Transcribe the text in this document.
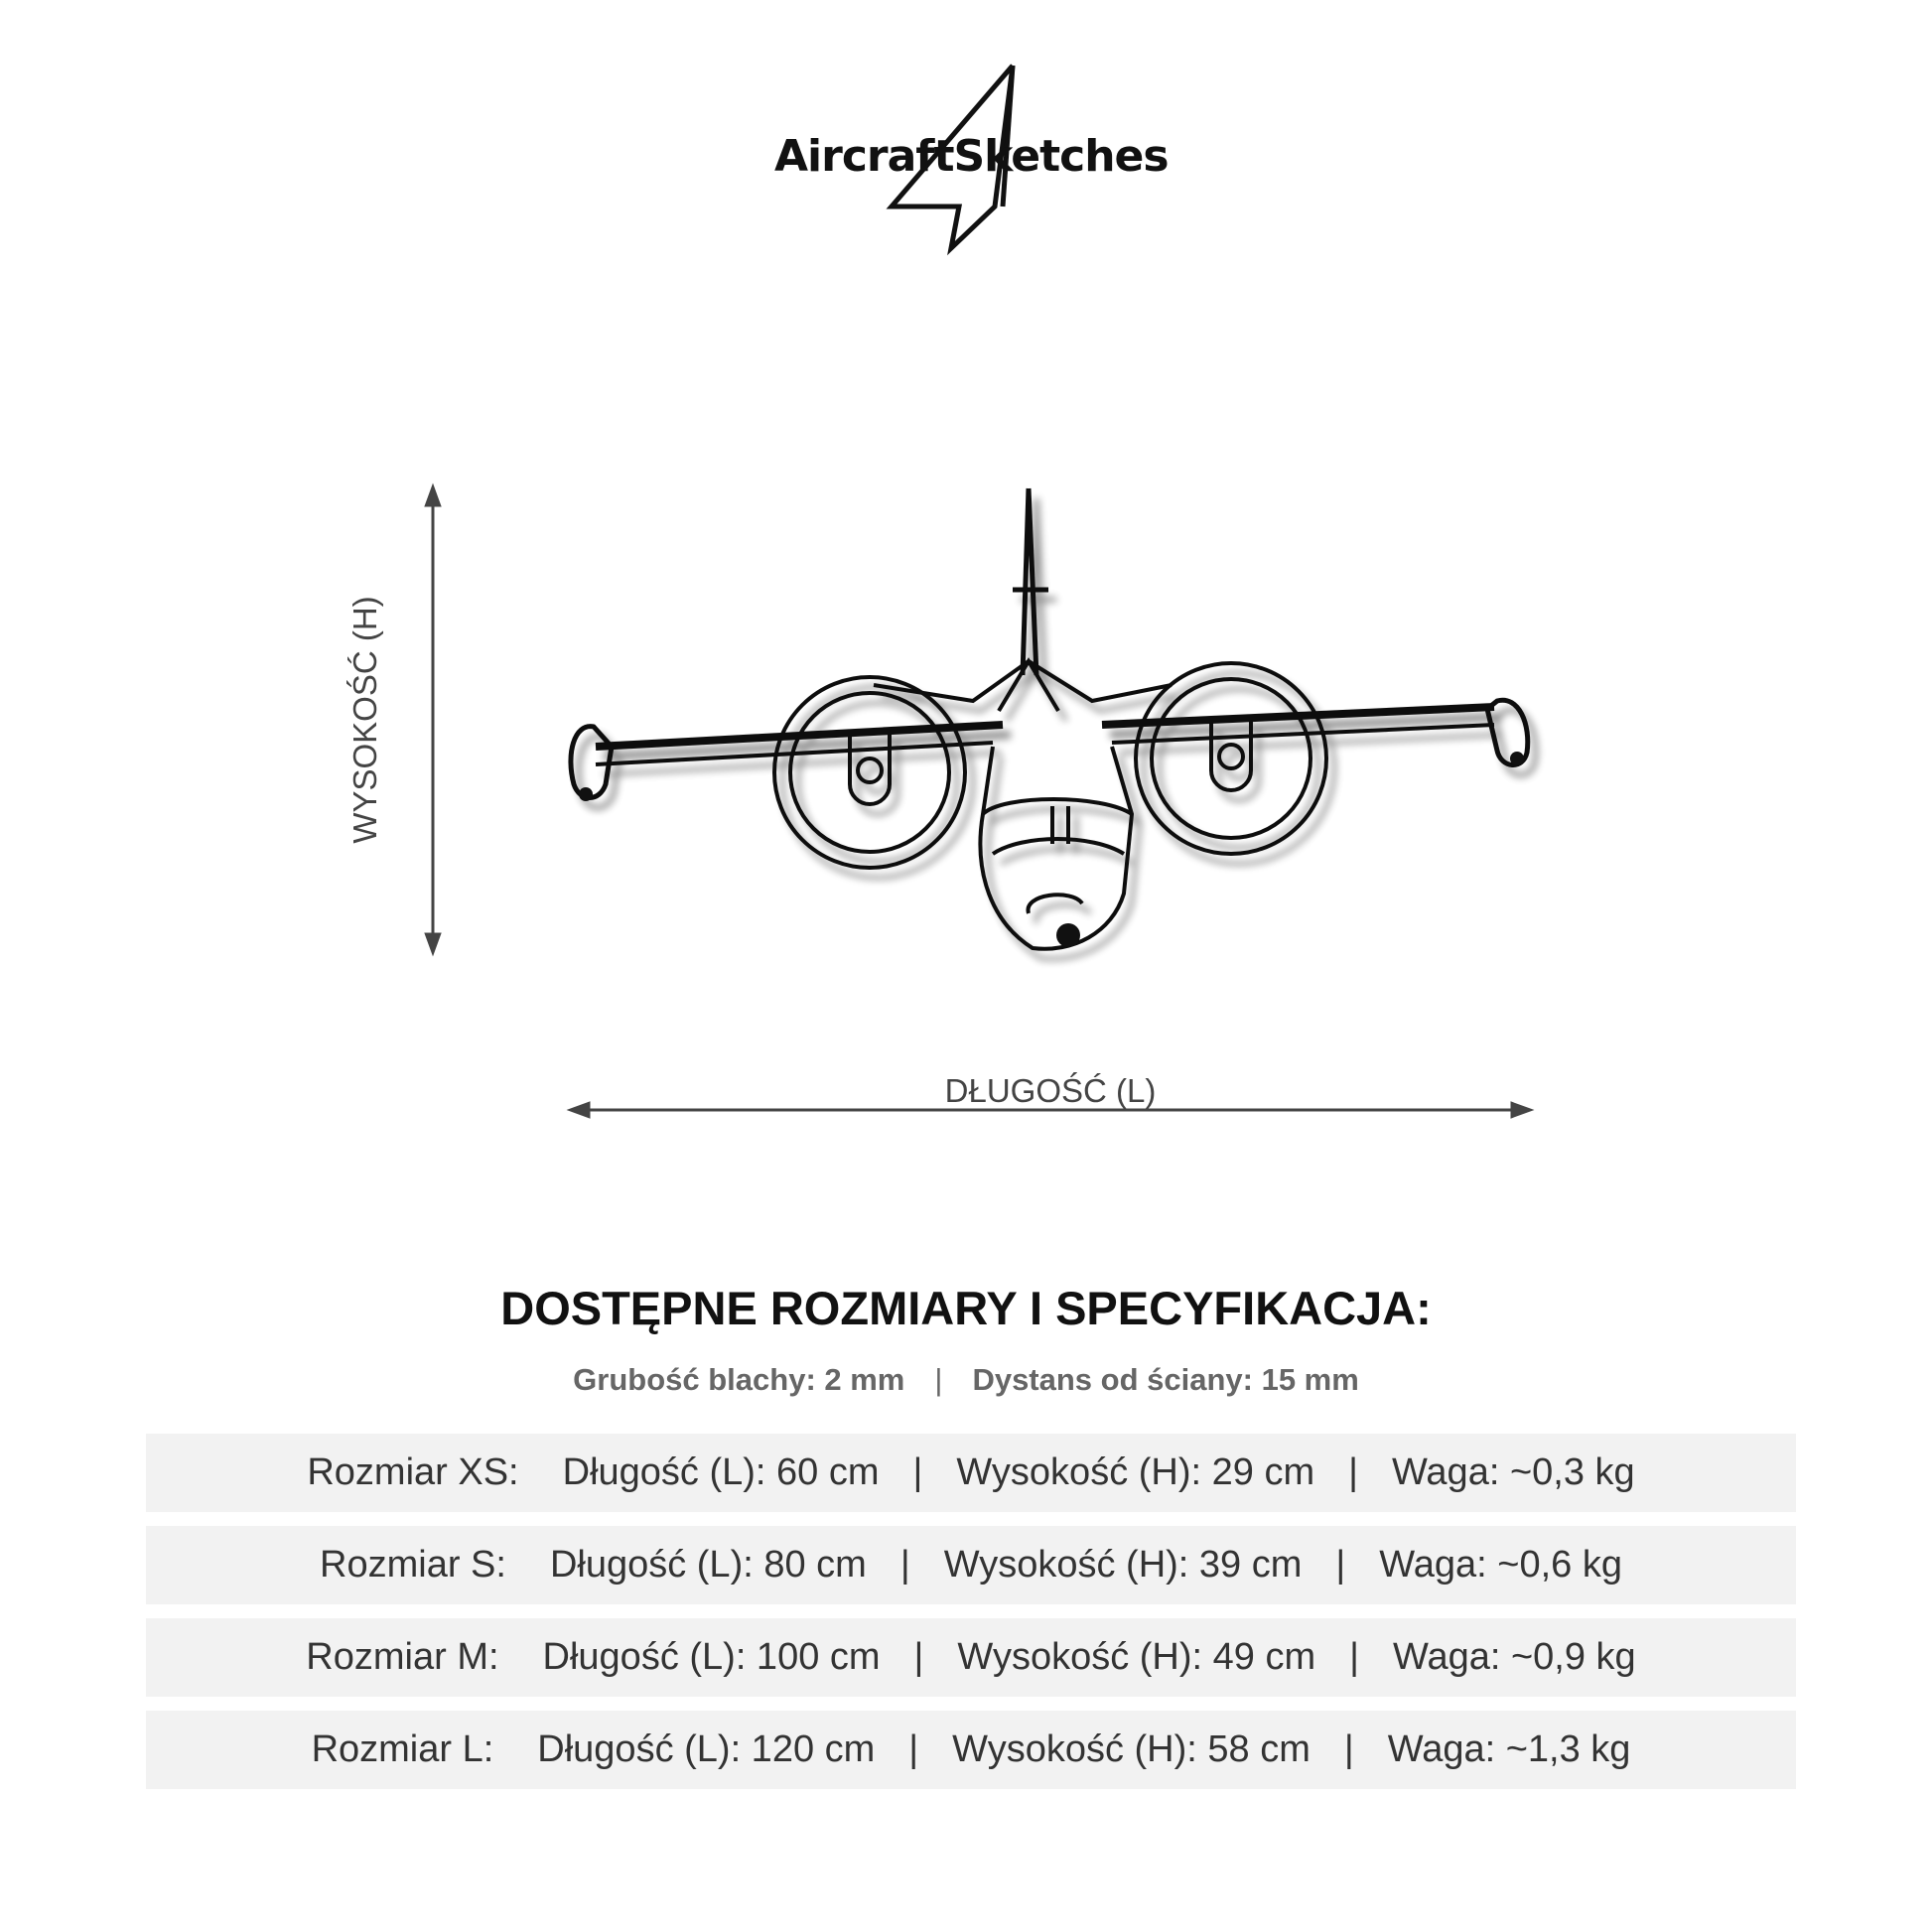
AircraftSketches
WYSOKOŚĆ (H)
DŁUGOŚĆ (L)
DOSTĘPNE ROZMIARY I SPECYFIKACJA:
Grubość blachy: 2 mm | Dystans od ściany: 15 mm
Rozmiar XS: Długość (L): 60 cm | Wysokość (H): 29 cm | Waga: ~0,3 kg
Rozmiar S: Długość (L): 80 cm | Wysokość (H): 39 cm | Waga: ~0,6 kg
Rozmiar M: Długość (L): 100 cm | Wysokość (H): 49 cm | Waga: ~0,9 kg
Rozmiar L: Długość (L): 120 cm | Wysokość (H): 58 cm | Waga: ~1,3 kg
